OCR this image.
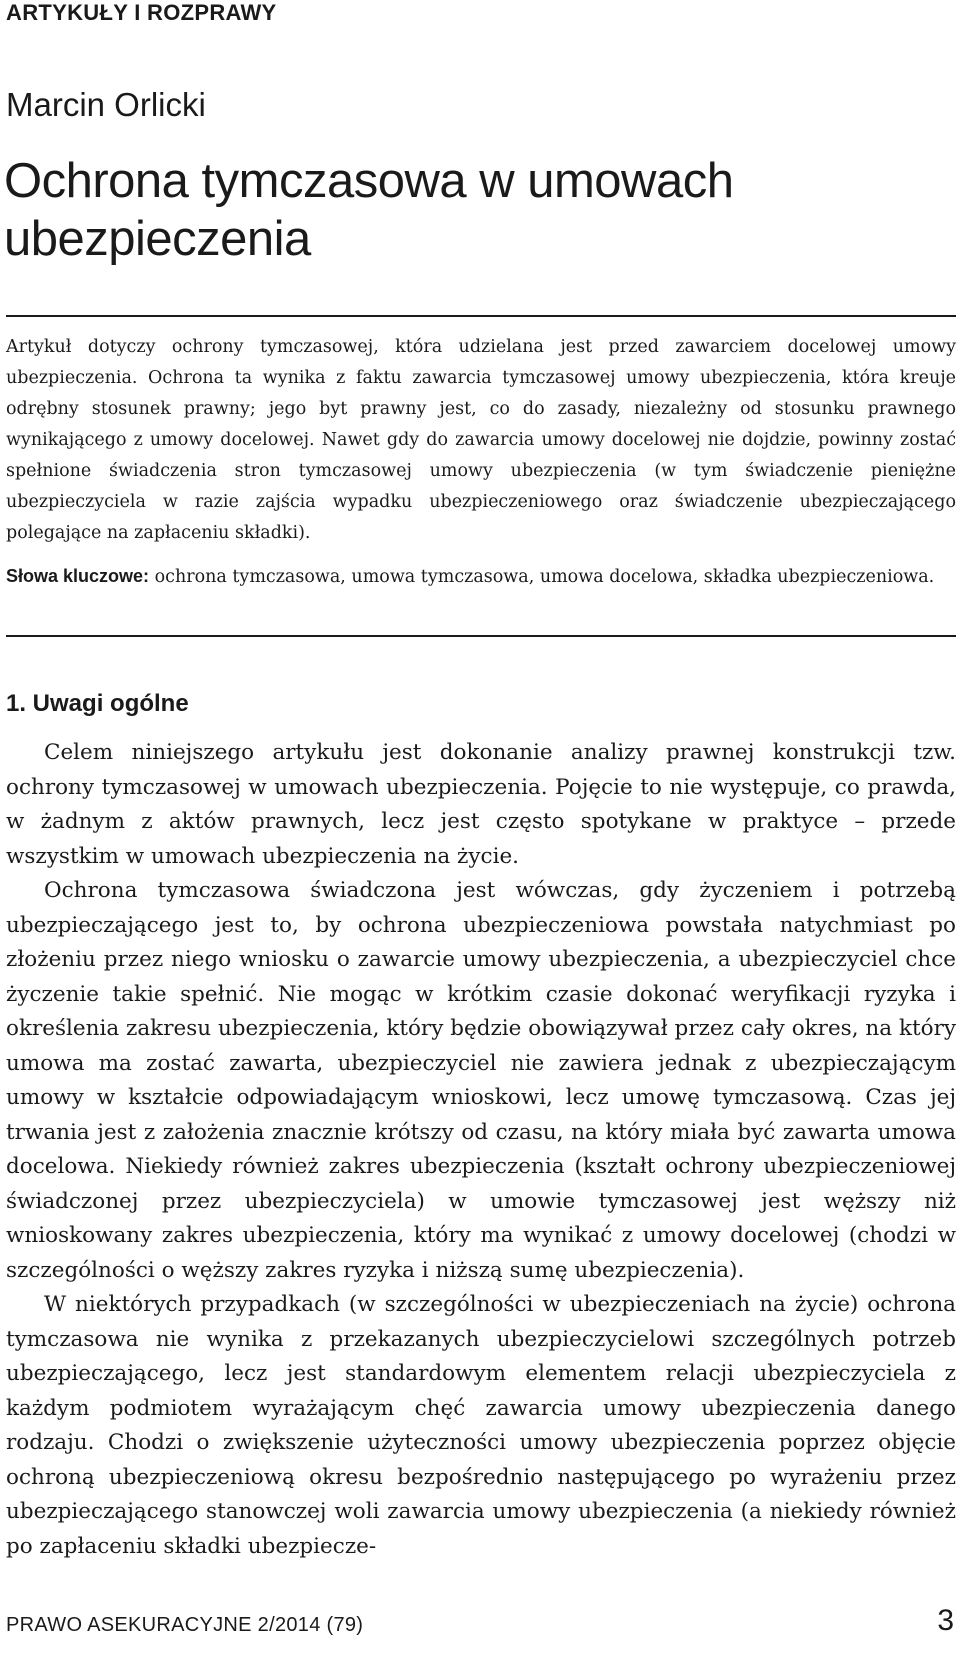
ARTYKUŁY I ROZPRAWY
Marcin Orlicki
Ochrona tymczasowa w umowach ubezpieczenia
Artykuł dotyczy ochrony tymczasowej, która udzielana jest przed zawarciem docelowej umowy ubezpieczenia. Ochrona ta wynika z faktu zawarcia tymczasowej umowy ubezpieczenia, która kreuje odrębny stosunek prawny; jego byt prawny jest, co do zasady, niezależny od stosunku prawnego wynikającego z umowy docelowej. Nawet gdy do zawarcia umowy docelowej nie dojdzie, powinny zostać spełnione świadczenia stron tymczasowej umowy ubezpieczenia (w tym świadczenie pieniężne ubezpieczyciela w razie zajścia wypadku ubezpieczeniowego oraz świadczenie ubezpieczającego polegające na zapłaceniu składki).
Słowa kluczowe: ochrona tymczasowa, umowa tymczasowa, umowa docelowa, składka ubezpieczeniowa.
1. Uwagi ogólne

Celem niniejszego artykułu jest dokonanie analizy prawnej konstrukcji tzw. ochrony tymczasowej w umowach ubezpieczenia. Pojęcie to nie występuje, co prawda, w żadnym z aktów prawnych, lecz jest często spotykane w praktyce – przede wszystkim w umowach ubezpieczenia na życie.

Ochrona tymczasowa świadczona jest wówczas, gdy życzeniem i potrzebą ubezpieczającego jest to, by ochrona ubezpieczeniowa powstała natychmiast po złożeniu przez niego wniosku o zawarcie umowy ubezpieczenia, a ubezpieczyciel chce życzenie takie spełnić. Nie mogąc w krótkim czasie dokonać weryfikacji ryzyka i określenia zakresu ubezpieczenia, który będzie obowiązywał przez cały okres, na który umowa ma zostać zawarta, ubezpieczyciel nie zawiera jednak z ubezpieczającym umowy w kształcie odpowiadającym wnioskowi, lecz umowę tymczasową. Czas jej trwania jest z założenia znacznie krótszy od czasu, na który miała być zawarta umowa docelowa. Niekiedy również zakres ubezpieczenia (kształt ochrony ubezpieczeniowej świadczonej przez ubezpieczyciela) w umowie tymczasowej jest węższy niż wnioskowany zakres ubezpieczenia, który ma wynikać z umowy docelowej (chodzi w szczególności o węższy zakres ryzyka i niższą sumę ubezpieczenia).

W niektórych przypadkach (w szczególności w ubezpieczeniach na życie) ochrona tymczasowa nie wynika z przekazanych ubezpieczycielowi szczególnych potrzeb ubezpieczającego, lecz jest standardowym elementem relacji ubezpieczyciela z każdym podmiotem wyrażającym chęć zawarcia umowy ubezpieczenia danego rodzaju. Chodzi o zwiększenie użyteczności umowy ubezpieczenia poprzez objęcie ochroną ubezpieczeniową okresu bezpośrednio następującego po wyrażeniu przez ubezpieczającego stanowczej woli zawarcia umowy ubezpieczenia (a niekiedy również po zapłaceniu składki ubezpiecze-

PRAWO ASEKURACYJNE 2/2014 (79)	3
